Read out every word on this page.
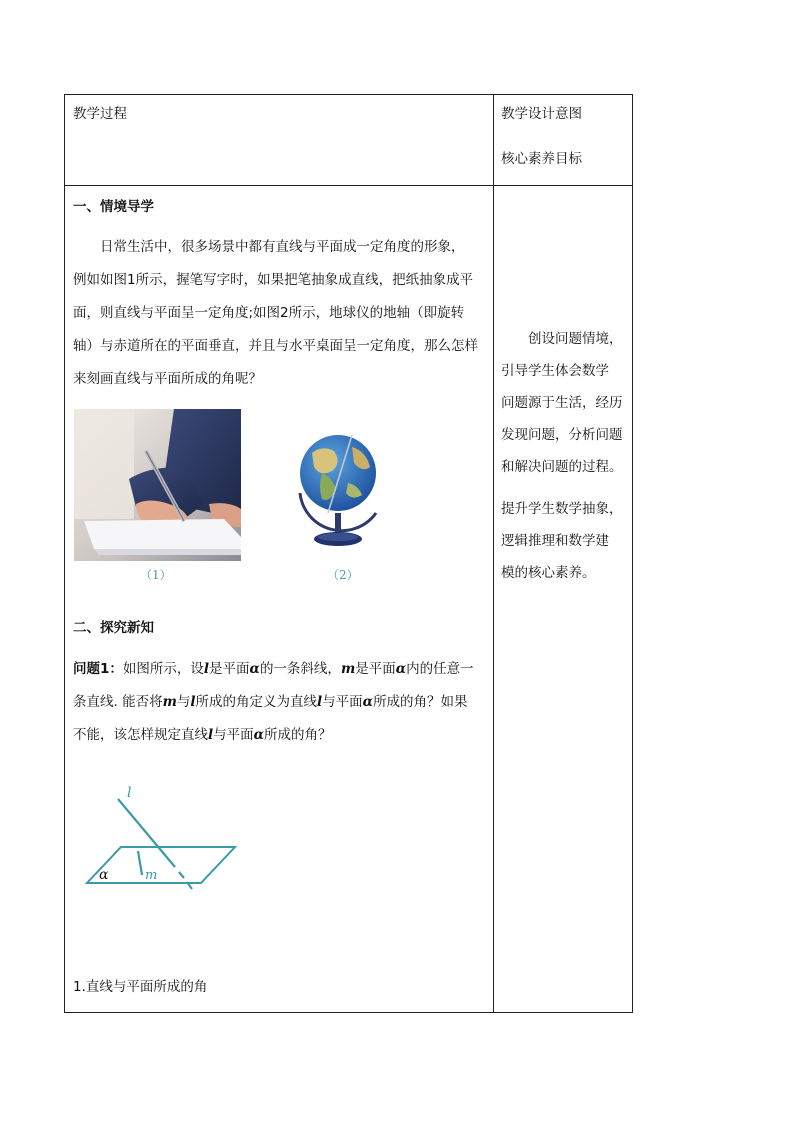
教学过程	教学设计意图
核心素养目标
一、情境导学
日常生活中，很多场景中都有直线与平面成一定角度的形象，
例如如图1所示，握笔写字时，如果把笔抽象成直线，把纸抽象成平
面，则直线与平面呈一定角度;如图2所示，地球仪的地轴（即旋转
轴）与赤道所在的平面垂直，并且与水平桌面呈一定角度，那么怎样
来刻画直线与平面所成的角呢？
（1）	（2）
二、探究新知
问题1：如图所示，设l是平面α的一条斜线，m是平面α内的任意一
条直线. 能否将m与l所成的角定义为直线l与平面α所成的角？如果
不能，该怎样规定直线l与平面α所成的角？
l
m
α
1.直线与平面所成的角
创设问题情境，
引导学生体会数学
问题源于生活，经历
发现问题，分析问题
和解决问题的过程。
提升学生数学抽象，
逻辑推理和数学建
模的核心素养。
